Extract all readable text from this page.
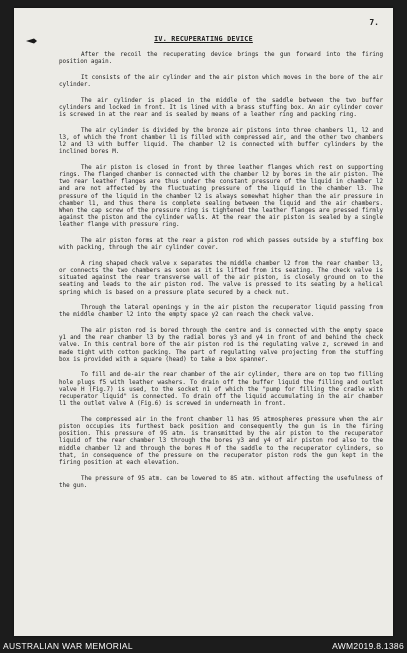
7.
IV. RECUPERATING DEVICE

After the recoil the recuperating device brings the gun forward into the firing position again.

It consists of the air cylinder and the air piston which moves in the bore of the air cylinder.

The air cylinder is placed in the middle of the saddle between the two buffer cylinders and locked in front. It is lined with a brass stuffing box. An air cylinder cover is screwed in at the rear and is sealed by means of a leather ring and packing ring.

The air cylinder is divided by the bronze air pistons into three chambers l1, l2 and l3, of which the front chamber l1 is filled with compressed air, and the other two chambers l2 and l3 with buffer liquid. The chamber l2 is connected with buffer cylinders by the inclined bores M.

The air piston is closed in front by three leather flanges which rest on supporting rings. The flanged chamber is connected with the chamber l2 by bores in the air piston. The two rear leather flanges are thus under the constant pressure of the liquid in chamber l2 and are not affected by the fluctuating pressure of the liquid in the chamber l3. The pressure of the liquid in the chamber l2 is always somewhat higher than the air pressure in chamber l1, and thus there is complete sealing between the liquid and the air chambers. When the cap screw of the pressure ring is tightened the leather flanges are pressed firmly against the piston and the cylinder walls. At the rear the air piston is sealed by a single leather flange with pressure ring.

The air piston forms at the rear a piston rod which passes outside by a stuffing box with packing, through the air cylinder cover.

A ring shaped check valve x separates the middle chamber l2 from the rear chamber l3, or connects the two chambers as soon as it is lifted from its seating. The check valve is situated against the rear transverse wall of the air piston, is closely ground on to the seating and leads to the air piston rod. The valve is pressed to its seating by a helical spring which is based on a pressure plate secured by a check nut.

Through the lateral openings y in the air piston the recuperator liquid passing from the middle chamber l2 into the empty space y2 can reach the check valve.

The air piston rod is bored through the centre and is connected with the empty space y1 and the rear chamber l3 by the radial bores y3 and y4 in front of and behind the check valve. In this central bore of the air piston rod is the regulating valve z, screwed in and made tight with cotton packing. The part of regulating valve projecting from the stuffing box is provided with a square (head) to take a box spanner.

To fill and de-air the rear chamber of the air cylinder, there are on top two filling hole plugs f5 with leather washers. To drain off the buffer liquid the filling and outlet valve H (Fig.7) is used, to the socket n1 of which the "pump for filling the cradle with recuperator liquid" is connected. To drain off the liquid accumulating in the air chamber l1 the outlet valve A (Fig.6) is screwed in underneath in front.

The compressed air in the front chamber l1 has 95 atmospheres pressure when the air piston occupies its furthest back position and consequently the gun is in the firing position. This pressure of 95 atm. is transmitted by the air piston to the recuperator liquid of the rear chamber l3 through the bores y3 and y4 of air piston rod also to the middle chamber l2 and through the bores M of the saddle to the recuperator cylinders, so that, in consequence of the pressure on the recuperator piston rods the gun kept in the firing position at each elevation.

The pressure of 95 atm. can be lowered to 85 atm. without affecting the usefulness of the gun.

AUSTRALIAN WAR MEMORIAL	AWM2019.8.1386
